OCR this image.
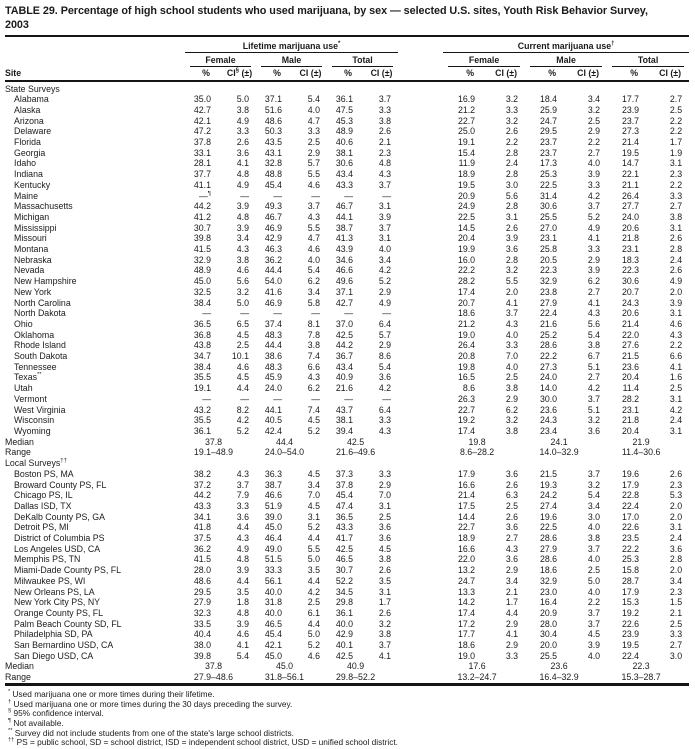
TABLE 29. Percentage of high school students who used marijuana, by sex — selected U.S. sites, Youth Risk Behavior Survey,
2003
	Lifetime marijuana use*							Current marijuana use†

	Female		Male		Total			Female		Male		Total	

Site	%	CI§ (±)	%	CI (±)	%	CI (±)		%	CI (±)	%	CI (±)	%	CI (±)
State Surveys													
Alabama	35.0	5.0	37.1	5.4	36.1	3.7		16.9	3.2	18.4	3.4	17.7	2.7
Alaska	42.7	3.8	51.6	4.0	47.5	3.3		21.2	3.3	25.9	3.2	23.9	2.5
Arizona	42.1	4.9	48.6	4.7	45.3	3.8		22.7	3.2	24.7	2.5	23.7	2.2
Delaware	47.2	3.3	50.3	3.3	48.9	2.6		25.0	2.6	29.5	2.9	27.3	2.2
Florida	37.8	2.6	43.5	2.5	40.6	2.1		19.1	2.2	23.7	2.2	21.4	1.7
Georgia	33.1	3.6	43.1	2.9	38.1	2.3		15.4	2.8	23.7	2.7	19.5	1.9
Idaho	28.1	4.1	32.8	5.7	30.6	4.8		11.9	2.4	17.3	4.0	14.7	3.1
Indiana	37.7	4.8	48.8	5.5	43.4	4.3		18.9	2.8	25.3	3.9	22.1	2.3
Kentucky	41.1	4.9	45.4	4.6	43.3	3.7		19.5	3.0	22.5	3.3	21.1	2.2
Maine	—¶	—	—	—	—	—		20.9	5.6	31.4	4.2	26.4	3.3
Massachusetts	44.2	3.9	49.3	3.7	46.7	3.1		24.9	2.8	30.6	3.7	27.7	2.7
Michigan	41.2	4.8	46.7	4.3	44.1	3.9		22.5	3.1	25.5	5.2	24.0	3.8
Mississippi	30.7	3.9	46.9	5.5	38.7	3.7		14.5	2.6	27.0	4.9	20.6	3.1
Missouri	39.8	3.4	42.9	4.7	41.3	3.1		20.4	3.9	23.1	4.1	21.8	2.6
Montana	41.5	4.3	46.3	4.6	43.9	4.0		19.9	3.6	25.8	3.3	23.1	2.8
Nebraska	32.9	3.8	36.2	4.0	34.6	3.4		16.0	2.8	20.5	2.9	18.3	2.4
Nevada	48.9	4.6	44.4	5.4	46.6	4.2		22.2	3.2	22.3	3.9	22.3	2.6
New Hampshire	45.0	5.6	54.0	6.2	49.6	5.2		28.2	5.5	32.9	6.2	30.6	4.9
New York	32.5	3.2	41.6	3.4	37.1	2.9		17.4	2.0	23.8	2.7	20.7	2.0
North Carolina	38.4	5.0	46.9	5.8	42.7	4.9		20.7	4.1	27.9	4.1	24.3	3.9
North Dakota	—	—	—	—	—	—		18.6	3.7	22.4	4.3	20.6	3.1
Ohio	36.5	6.5	37.4	8.1	37.0	6.4		21.2	4.3	21.6	5.6	21.4	4.6
Oklahoma	36.8	4.5	48.3	7.8	42.5	5.7		19.0	4.0	25.2	5.4	22.0	4.3
Rhode Island	43.8	2.5	44.4	3.8	44.2	2.9		26.4	3.3	28.6	3.8	27.6	2.2
South Dakota	34.7	10.1	38.6	7.4	36.7	8.6		20.8	7.0	22.2	6.7	21.5	6.6
Tennessee	38.4	4.6	48.3	6.6	43.4	5.4		19.8	4.0	27.3	5.1	23.6	4.1
Texas**	35.5	4.5	45.9	4.3	40.9	3.6		16.5	2.5	24.0	2.7	20.4	1.6
Utah	19.1	4.4	24.0	6.2	21.6	4.2		8.6	3.8	14.0	4.2	11.4	2.5
Vermont	—	—	—	—	—	—		26.3	2.9	30.0	3.7	28.2	3.1
West Virginia	43.2	8.2	44.1	7.4	43.7	6.4		22.7	6.2	23.6	5.1	23.1	4.2
Wisconsin	35.5	4.2	40.5	4.5	38.1	3.3		19.2	3.2	24.3	3.2	21.8	2.4
Wyoming	36.1	5.2	42.4	5.2	39.4	4.3		17.4	3.8	23.4	3.6	20.4	3.1
Median	37.8		44.4		42.5			19.8		24.1		21.9	
Range	19.1–48.9		24.0–54.0		21.6–49.6			8.6–28.2		14.0–32.9		11.4–30.6	
Local Surveys††
Boston PS, MA	38.2	4.3	36.3	4.5	37.3	3.3		17.9	3.6	21.5	3.7	19.6	2.6
Broward County PS, FL	37.2	3.7	38.7	3.4	37.8	2.9		16.6	2.6	19.3	3.2	17.9	2.3
Chicago PS, IL	44.2	7.9	46.6	7.0	45.4	7.0		21.4	6.3	24.2	5.4	22.8	5.3
Dallas ISD, TX	43.3	3.3	51.9	4.5	47.4	3.1		17.5	2.5	27.4	3.4	22.4	2.0
DeKalb County PS, GA	34.1	3.6	39.0	3.1	36.5	2.5		14.4	2.6	19.6	3.0	17.0	2.0
Detroit PS, MI	41.8	4.4	45.0	5.2	43.3	3.6		22.7	3.6	22.5	4.0	22.6	3.1
District of Columbia PS	37.5	4.3	46.4	4.4	41.7	3.6		18.9	2.7	28.6	3.8	23.5	2.4
Los Angeles USD, CA	36.2	4.9	49.0	5.5	42.5	4.5		16.6	4.3	27.9	3.7	22.2	3.6
Memphis PS, TN	41.5	4.8	51.5	5.0	46.5	3.8		22.0	3.6	28.6	4.0	25.3	2.8
Miami-Dade County PS, FL	28.0	3.9	33.3	3.5	30.7	2.6		13.2	2.9	18.6	2.5	15.8	2.0
Milwaukee PS, WI	48.6	4.4	56.1	4.4	52.2	3.5		24.7	3.4	32.9	5.0	28.7	3.4
New Orleans PS, LA	29.5	3.5	40.0	4.2	34.5	3.1		13.3	2.1	23.0	4.0	17.9	2.3
New York City PS, NY	27.9	1.8	31.8	2.5	29.8	1.7		14.2	1.7	16.4	2.2	15.3	1.5
Orange County PS, FL	32.3	4.8	40.0	6.1	36.1	2.6		17.4	4.4	20.9	3.7	19.2	2.1
Palm Beach County SD, FL	33.5	3.9	46.5	4.4	40.0	3.2		17.2	2.9	28.0	3.7	22.6	2.5
Philadelphia SD, PA	40.4	4.6	45.4	5.0	42.9	3.8		17.7	4.1	30.4	4.5	23.9	3.3
San Bernardino USD, CA	38.0	4.1	42.1	5.2	40.1	3.7		18.6	2.9	20.0	3.9	19.5	2.7
San Diego USD, CA	39.8	5.4	45.0	4.6	42.5	4.1		19.0	3.3	25.5	4.0	22.4	3.0
Median	37.8		45.0		40.9			17.6		23.6		22.3	
Range	27.9–48.6		31.8–56.1		29.8–52.2			13.2–24.7		16.4–32.9		15.3–28.7	
* Used marijuana one or more times during their lifetime.
† Used marijuana one or more times during the 30 days preceding the survey.
§ 95% confidence interval.
¶ Not available.
** Survey did not include students from one of the state's large school districts.
†† PS = public school, SD = school district, ISD = independent school district, USD = unified school district.
